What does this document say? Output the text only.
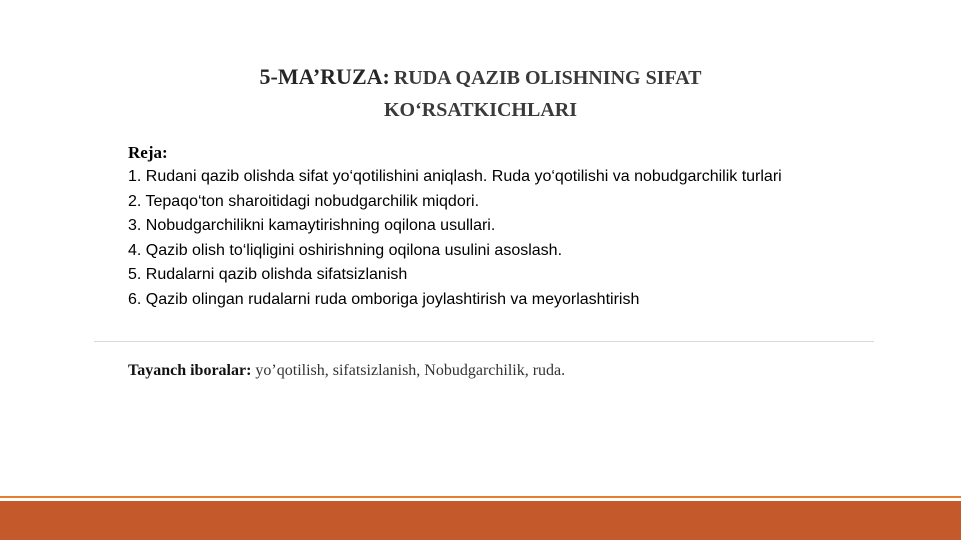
5-MA’RUZA: RUDA QAZIB OLISHNING SIFAT
KO‘RSATKICHLARI
Reja:
1. Rudani qazib olishda sifat yo‘qotilishini aniqlash. Ruda yo‘qotilishi va nobudgarchilik turlari
2. Tepaqo‘ton sharoitidagi nobudgarchilik miqdori.
3. Nobudgarchilikni kamaytirishning oqilona usullari.
4. Qazib olish to‘liqligini oshirishning oqilona usulini asoslash.
5. Rudalarni qazib olishda sifatsizlanish
6. Qazib olingan rudalarni ruda omboriga joylashtirish va meyorlashtirish
Tayanch iboralar: yo’qotilish, sifatsizlanish, Nobudgarchilik, ruda.
